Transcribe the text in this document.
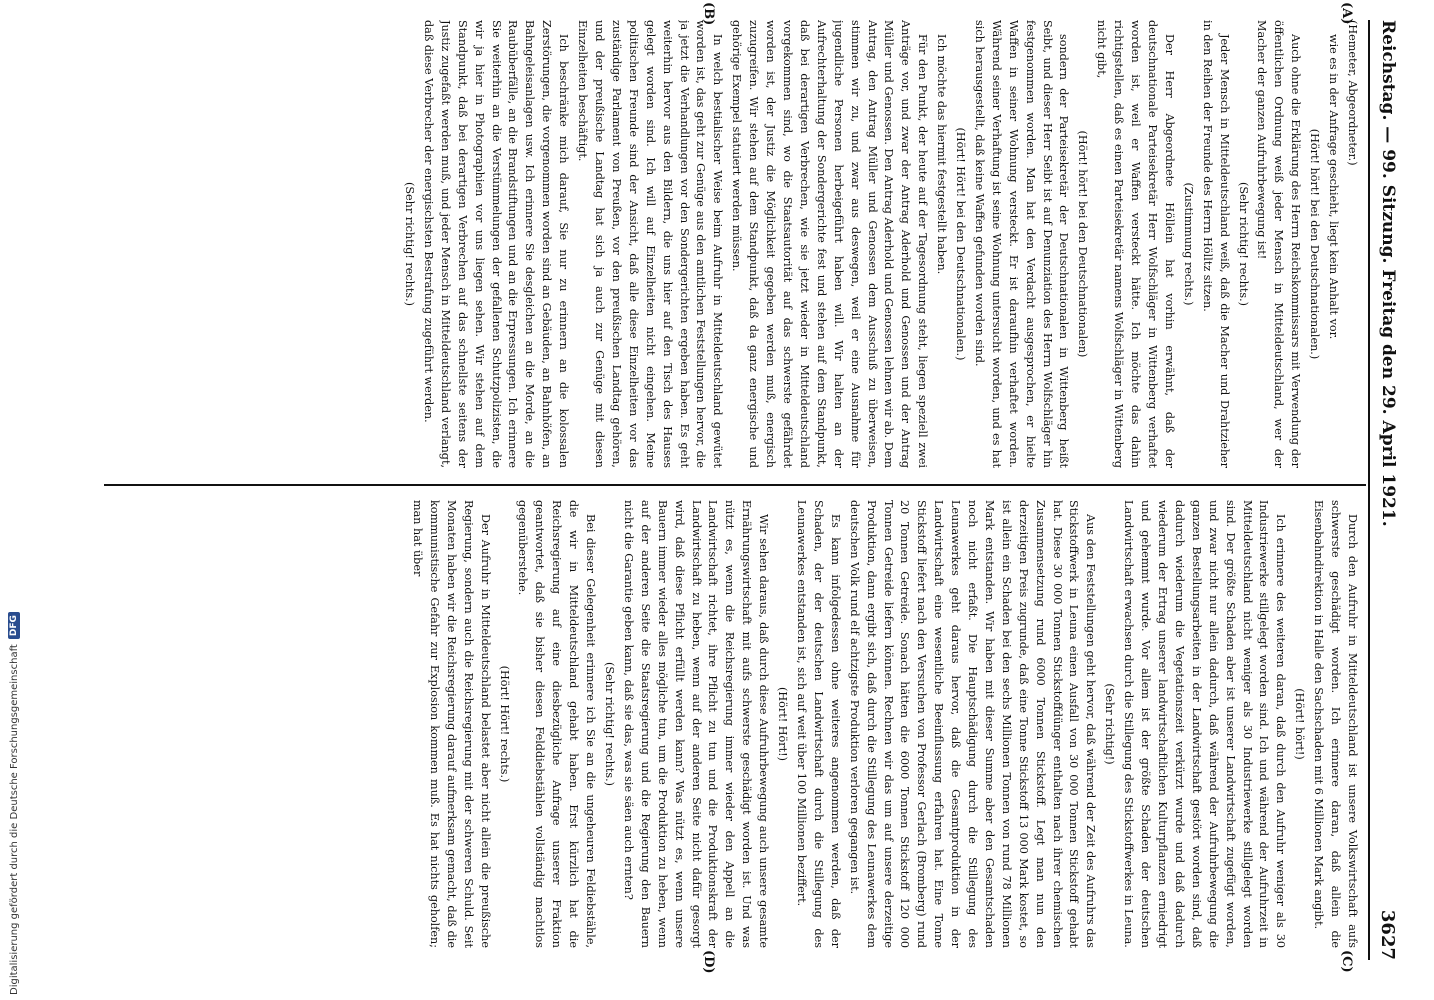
Reichstag. — 99. Sitzung. Freitag den 29. April 1921.
3627

(Hemeter, Abgeordneter.)

wie es in der Anfrage geschieht, liegt kein Anhalt vor.

(Hört! hört! bei den Deutschnationalen.)

Auch ohne die Erklärung des Herrn Reichskommissars mit Verwendung der öffentlichen Ordnung weiß jeder Mensch in Mitteldeutschland, wer der Macher der ganzen Aufruhrbewegung ist!

(Sehr richtig! rechts.)

Jeder Mensch in Mitteldeutschland weiß, daß die Macher und Drahtzieher in den Reihen der Freunde des Herrn Hölltz sitzen.

(Zustimmung rechts.)

Der Herr Abgeordnete Höllein hat vorhin erwähnt, daß der deutschnationale Parteisekretär Herr Wolfschläger in Wittenberg verhaftet worden ist, weil er Waffen versteckt hätte. Ich möchte das dahin richtigstellen, daß es einen Parteisekretär namens Wolfschläger in Wittenberg nicht gibt,

(Hört! hört! bei den Deutschnationalen)

sondern der Parteisekretär der Deutschnationalen in Wittenberg heißt Seibt, und dieser Herr Seibt ist auf Denunziation des Herrn Wolfschläger hin festgenommen worden. Man hat den Verdacht ausgesprochen, er hielte Waffen in seiner Wohnung versteckt. Er ist daraufhin verhaftet worden. Während seiner Verhaftung ist seine Wohnung untersucht worden, und es hat sich herausgestellt, daß keine Waffen gefunden worden sind.

(Hört! Hört! bei den Deutschnationalen.)

Ich möchte das hiermit festgestellt haben.

Für den Punkt, der heute auf der Tagesordnung steht, liegen speziell zwei Anträge vor, und zwar der Antrag Aderhold und Genossen und der Antrag Müller und Genossen. Den Antrag Aderhold und Genossen lehnen wir ab. Dem Antrag, den Antrag Müller und Genossen dem Ausschuß zu überweisen, stimmen wir zu, und zwar aus deswegen, weil er eine Ausnahme für jugendliche Personen herbeigeführt haben will. Wir halten an der Aufrechterhaltung der Sondergerichte fest und stehen auf dem Standpunkt, daß bei derartigen Verbrechen, wie sie jetzt wieder in Mitteldeutschland vorgekommen sind, wo die Staatsautorität auf das schwerste gefährdet worden ist, der Justiz die Möglichkeit gegeben werden muß, energisch zuzugreifen. Wir stehen auf dem Standpunkt, daß da ganz energische und gehörige Exempel statuiert werden müssen.

In welch bestialischer Weise beim Aufruhr in Mitteldeutschland gewütet worden ist, das geht zur Genüge aus den amtlichen Feststellungen hervor, die ja jetzt die Verhandlungen vor den Sondergerichten ergeben haben. Es geht weiterhin hervor aus den Bildern, die uns hier auf den Tisch des Hauses gelegt worden sind. Ich will auf Einzelheiten nicht eingehen. Meine politischen Freunde sind der Ansicht, daß alle diese Einzelheiten vor das zuständige Parlament von Preußen, vor den preußischen Landtag gehören, und der preußische Landtag hat sich ja auch zur Genüge mit diesen Einzelheiten beschäftigt.

Ich beschränke mich darauf, Sie nur zu erinnern an die kolossalen Zerstörungen, die vorgenommen worden sind an Gebäuden, an Bahnhöfen, an Bahngeleisanlagen usw. Ich erinnere Sie desgleichen an die Morde, an die Raubüberfälle, an die Brandstiftungen und an die Erpressungen. Ich erinnere Sie weiterhin an die Verstümmelungen der gefallenen Schutzpolizisten, die wir ja hier in Photographien vor uns liegen sehen. Wir stehen auf dem Standpunkt, daß bei derartigen Verbrechen auf das schnellste seitens der Justiz zugefaßt werden muß, und jeder Mensch in Mitteldeutschland verlangt, daß diese Verbrecher der energischsten Bestrafung zugeführt werden.

(Sehr richtig! rechts.)

Durch den Aufruhr in Mitteldeutschland ist unsere Volkswirtschaft aufs schwerste geschädigt worden. Ich erinnere daran, daß allein die Eisenbahndirektion in Halle den Sachschaden mit 6 Millionen Mark angibt.

(Hört! hört!)

Ich erinnere des weiteren daran, daß durch den Aufruhr weniger als 30 Industriewerke stillgelegt worden sind. Ich und während der Aufruhrzeit in Mitteldeutschland nicht weniger als 30 Industriewerke stillgelegt worden sind. Der größte Schaden aber ist unserer Landwirtschaft zugefügt worden, und zwar nicht nur allein dadurch, daß während der Aufruhrbewegung die ganzen Bestellungsarbeiten in der Landwirtschaft gestört worden sind, daß dadurch wiederum die Vegetationszeit verkürzt wurde und daß dadurch wiederum der Ertrag unserer landwirtschaftlichen Kulturpflanzen erniedrigt und gehemmt wurde. Vor allem ist der größte Schaden der deutschen Landwirtschaft erwachsen durch die Stillegung des Stickstoffwerkes in Leuna.

(Sehr richtig!)

Aus den Feststellungen geht hervor, daß während der Zeit des Aufruhrs das Stickstoffwerk in Leuna einen Ausfall von 30 000 Tonnen Stickstoff gehabt hat. Diese 30 000 Tonnen Stickstoffdünger enthalten nach ihrer chemischen Zusammensetzung rund 6000 Tonnen Stickstoff. Legt man nun den derzeitigen Preis zugrunde, daß eine Tonne Stickstoff 13 000 Mark kostet, so ist allein ein Schaden bei den sechs Millionen Tonnen von rund 78 Millionen Mark entstanden. Wir haben mit dieser Summe aber den Gesamtschaden noch nicht erfaßt. Die Hauptschädigung durch die Stillegung des Leunawerkes geht daraus hervor, daß die Gesamtproduktion in der Landwirtschaft eine wesentliche Beeinflussung erfahren hat. Eine Tonne Stickstoff liefert nach den Versuchen von Professor Gerlach (Bromberg) rund 20 Tonnen Getreide. Sonach hätten die 6000 Tonnen Stickstoff 120 000 Tonnen Getreide liefern können. Rechnen wir das um auf unsere derzeitige Produktion, dann ergibt sich, daß durch die Stillegung des Leunawerkes dem deutschen Volk rund elf achtzigste Produktion verloren gegangen ist.

Es kann infolgedessen ohne weiteres angenommen werden, daß der Schaden, der der deutschen Landwirtschaft durch die Stillegung des Leunawerkes entstanden ist, sich auf weit über 100 Millionen beziffert.

(Hört! Hört!)

Wir sehen daraus, daß durch diese Aufruhrbewegung auch unsere gesamte Ernährungswirtschaft mit aufs schwerste geschädigt worden ist. Und was nützt es, wenn die Reichsregierung immer wieder den Appell an die Landwirtschaft richtet, ihre Pflicht zu tun und die Produktionskraft der Landwirtschaft zu heben, wenn auf der anderen Seite nicht dafür gesorgt wird, daß diese Pflicht erfüllt werden kann? Was nützt es, wenn unsere Bauern immer wieder alles mögliche tun, um die Produktion zu heben, wenn auf der anderen Seite die Staatsregierung und die Regierung den Bauern nicht die Garantie geben kann, daß sie das, was sie säen auch ernten?

(Sehr richtig! rechts.)

Bei dieser Gelegenheit erinnere ich Sie an die ungeheuren Feldiebstähle, die wir in Mitteldeutschland gehabt haben. Erst kürzlich hat die Reichsregierung auf eine diesbezügliche Anfrage unserer Fraktion geantwortet, daß sie bisher diesen Felddiebstählen vollständig machtlos gegenüberstehe.

(Hört! Hört! rechts.)

Der Aufruhr in Mitteldeutschland belastet aber nicht allein die preußische Regierung, sondern auch die Reichsregierung mit der schweren Schuld. Seit Monaten haben wir die Reichsregierung darauf aufmerksam gemacht, daß die kommunistische Gefahr zur Explosion kommen muß. Es hat nichts geholfen; man hat über

(A)
(B)
(C)
(D)
Digitalisierung gefördert durch die Deutsche Forschungsgemeinschaft
DFG
